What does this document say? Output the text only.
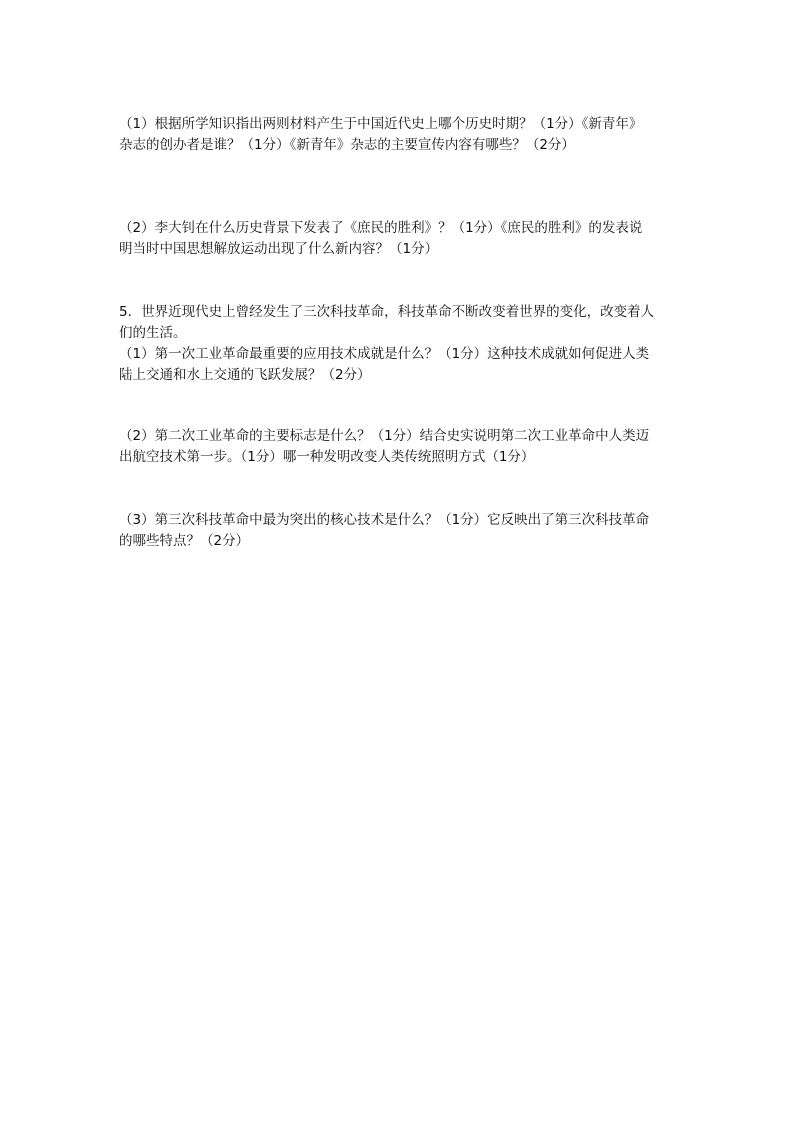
（1）根据所学知识指出两则材料产生于中国近代史上哪个历史时期？（1分）《新青年》
杂志的创办者是谁？（1分）《新青年》杂志的主要宣传内容有哪些？（2分）
（2）李大钊在什么历史背景下发表了《庶民的胜利》？（1分）《庶民的胜利》的发表说
明当时中国思想解放运动出现了什么新内容？（1分）
5．世界近现代史上曾经发生了三次科技革命，科技革命不断改变着世界的变化，改变着人
们的生活。
（1）第一次工业革命最重要的应用技术成就是什么？（1分）这种技术成就如何促进人类
陆上交通和水上交通的飞跃发展？（2分）
（2）第二次工业革命的主要标志是什么？（1分）结合史实说明第二次工业革命中人类迈
出航空技术第一步。（1分）哪一种发明改变人类传统照明方式（1分）
（3）第三次科技革命中最为突出的核心技术是什么？（1分）它反映出了第三次科技革命
的哪些特点？（2分）
